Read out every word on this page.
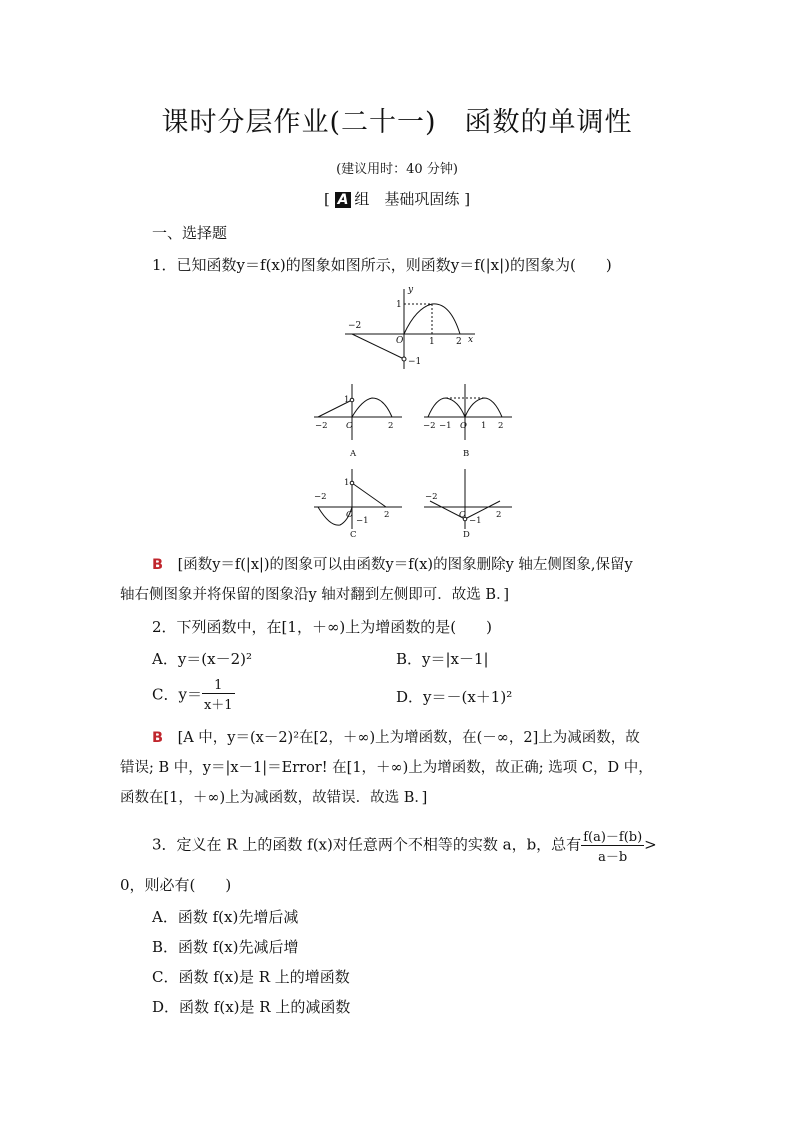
课时分层作业(二十一)　函数的单调性
(建议用时：40 分钟)
[ A 组　基础巩固练 ]
一、选择题
1．已知函数y＝f(x)的图象如图所示，则函数y＝f(|x|)的图象为(　　)
y
x
O
−2
1 2
1
−1
−2 O	2
1
A
−2 −1 O 1 2
B
−2
O	2
1
−1
C
−2
O	2
−1
D
B　 [函数y＝f(|x|)的图象可以由函数y＝f(x)的图象删除y 轴左侧图象,保留y
轴右侧图象并将保留的图象沿y 轴对翻到左侧即可．故选 B．]
2．下列函数中，在[1，＋∞)上为增函数的是(　　)
A．y＝(x－2)²	B．y＝|x－1|
C．$y= \frac{1}{x+1}$	D．y＝－(x＋1)²
B　 [A 中，y＝(x－2)²在[2，＋∞)上为增函数，在(－∞，2]上为减函数，故
错误; B 中，y＝|x－1|＝Error! 在[1，＋∞)上为增函数，故正确; 选项 C，D 中，
函数在[1，＋∞)上为减函数，故错误．故选 B．]
3．定义在 R 上的函数 f(x)对任意两个不相等的实数 a，b，总有 $\frac{f(a)-f(b)}{a-b}$ >
0，则必有(　　)
A．函数 f(x)先增后减
B．函数 f(x)先减后增
C．函数 f(x)是 R 上的增函数
D．函数 f(x)是 R 上的减函数
